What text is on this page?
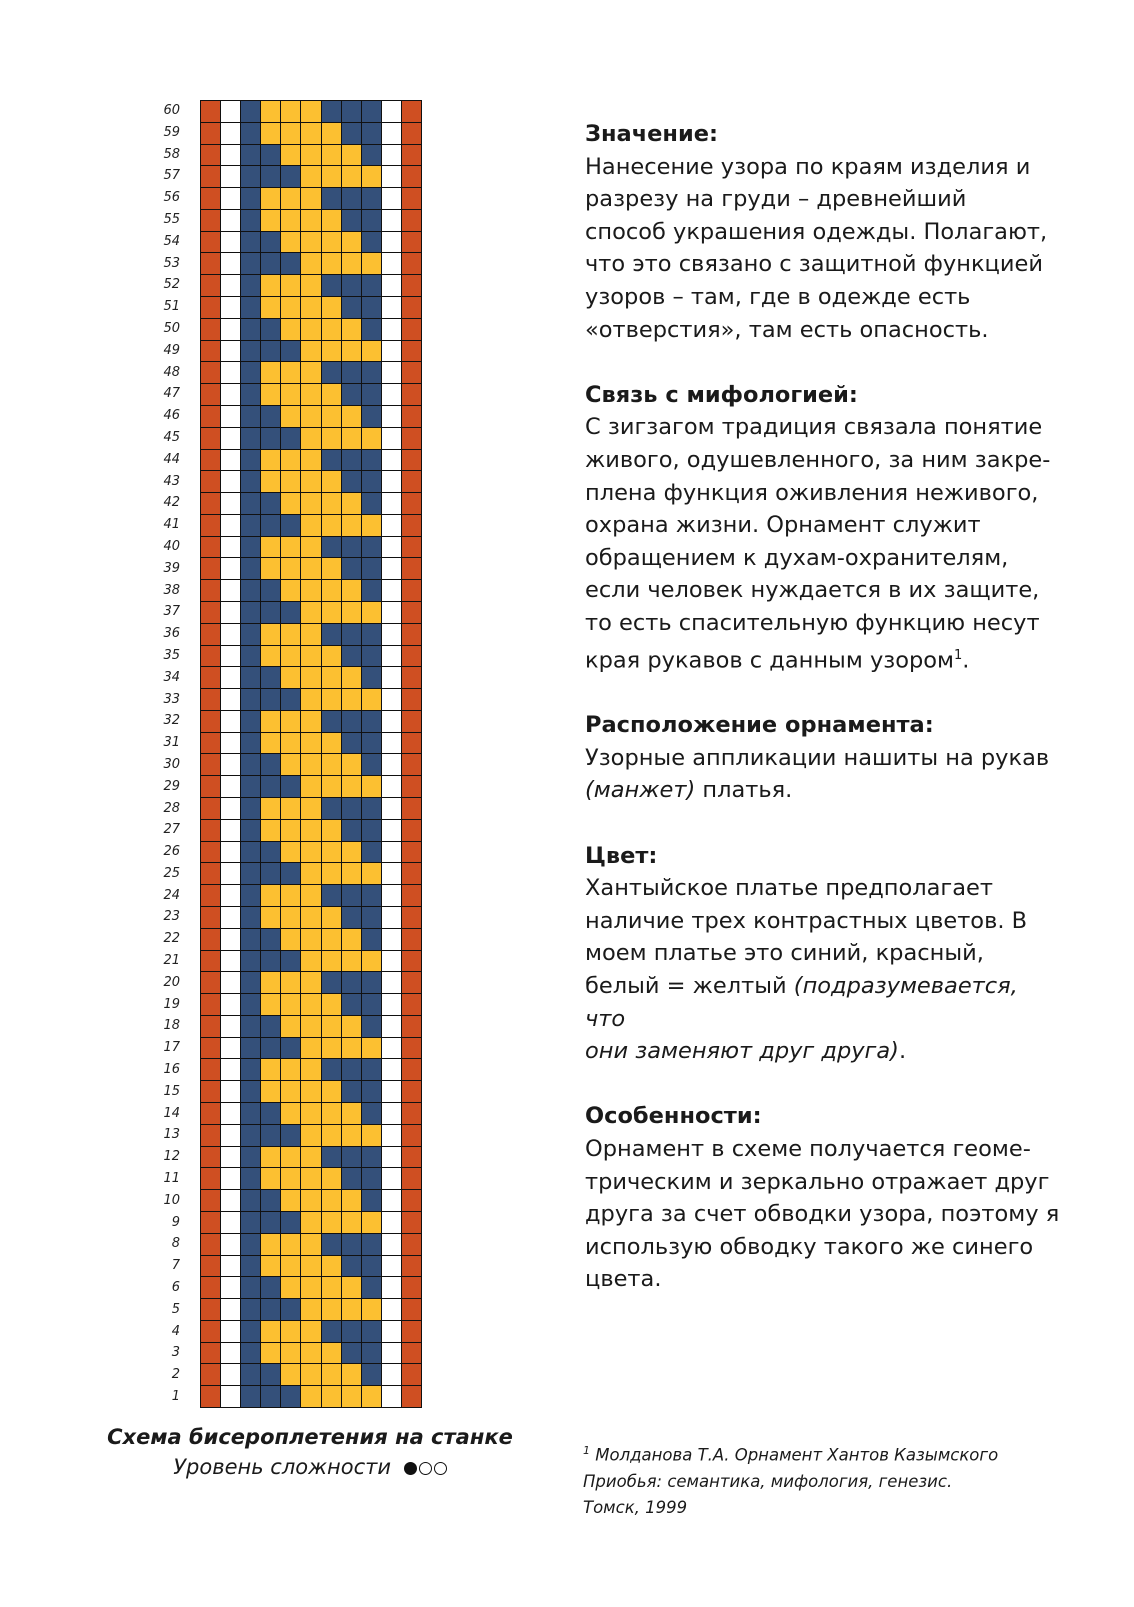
60
59
58
57
56
55
54
53
52
51
50
49
48
47
46
45
44
43
42
41
40
39
38
37
36
35
34
33
32
31
30
29
28
27
26
25
24
23
22
21
20
19
18
17
16
15
14
13
12
11
10
9
8
7
6
5
4
3
2
1
Значение:

Нанесение узора по краям изделия и
разрезу на груди – древнейший
способ украшения одежды. Полагают,
что это связано с защитной функцией
узоров – там, где в одежде есть
«отверстия», там есть опасность.

Связь с мифологией:

С зигзагом традиция связала понятие
живого, одушевленного, за ним закре-
плена функция оживления неживого,
охрана жизни. Орнамент служит
обращением к духам-охранителям,
если человек нуждается в их защите,
то есть спасительную функцию несут
края рукавов с данным узором$^1$.

Расположение орнамента:

Узорные аппликации нашиты на рукав
(манжет) платья.

Цвет:

Хантыйское платье предполагает
наличие трех контрастных цветов. В
моем платье это синий, красный,
белый = желтый (подразумевается, что
они заменяют друг друга).

Особенности:

Орнамент в схеме получается геоме-
трическим и зеркально отражает друг
друга за счет обводки узора, поэтому я
использую обводку такого же синего
цвета.

Схема бисероплетения на станке
Уровень сложности
$^1$ Молданова Т.А. Орнамент Хантов Казымского
Приобья: семантика, мифология, генезис.
Томск, 1999
